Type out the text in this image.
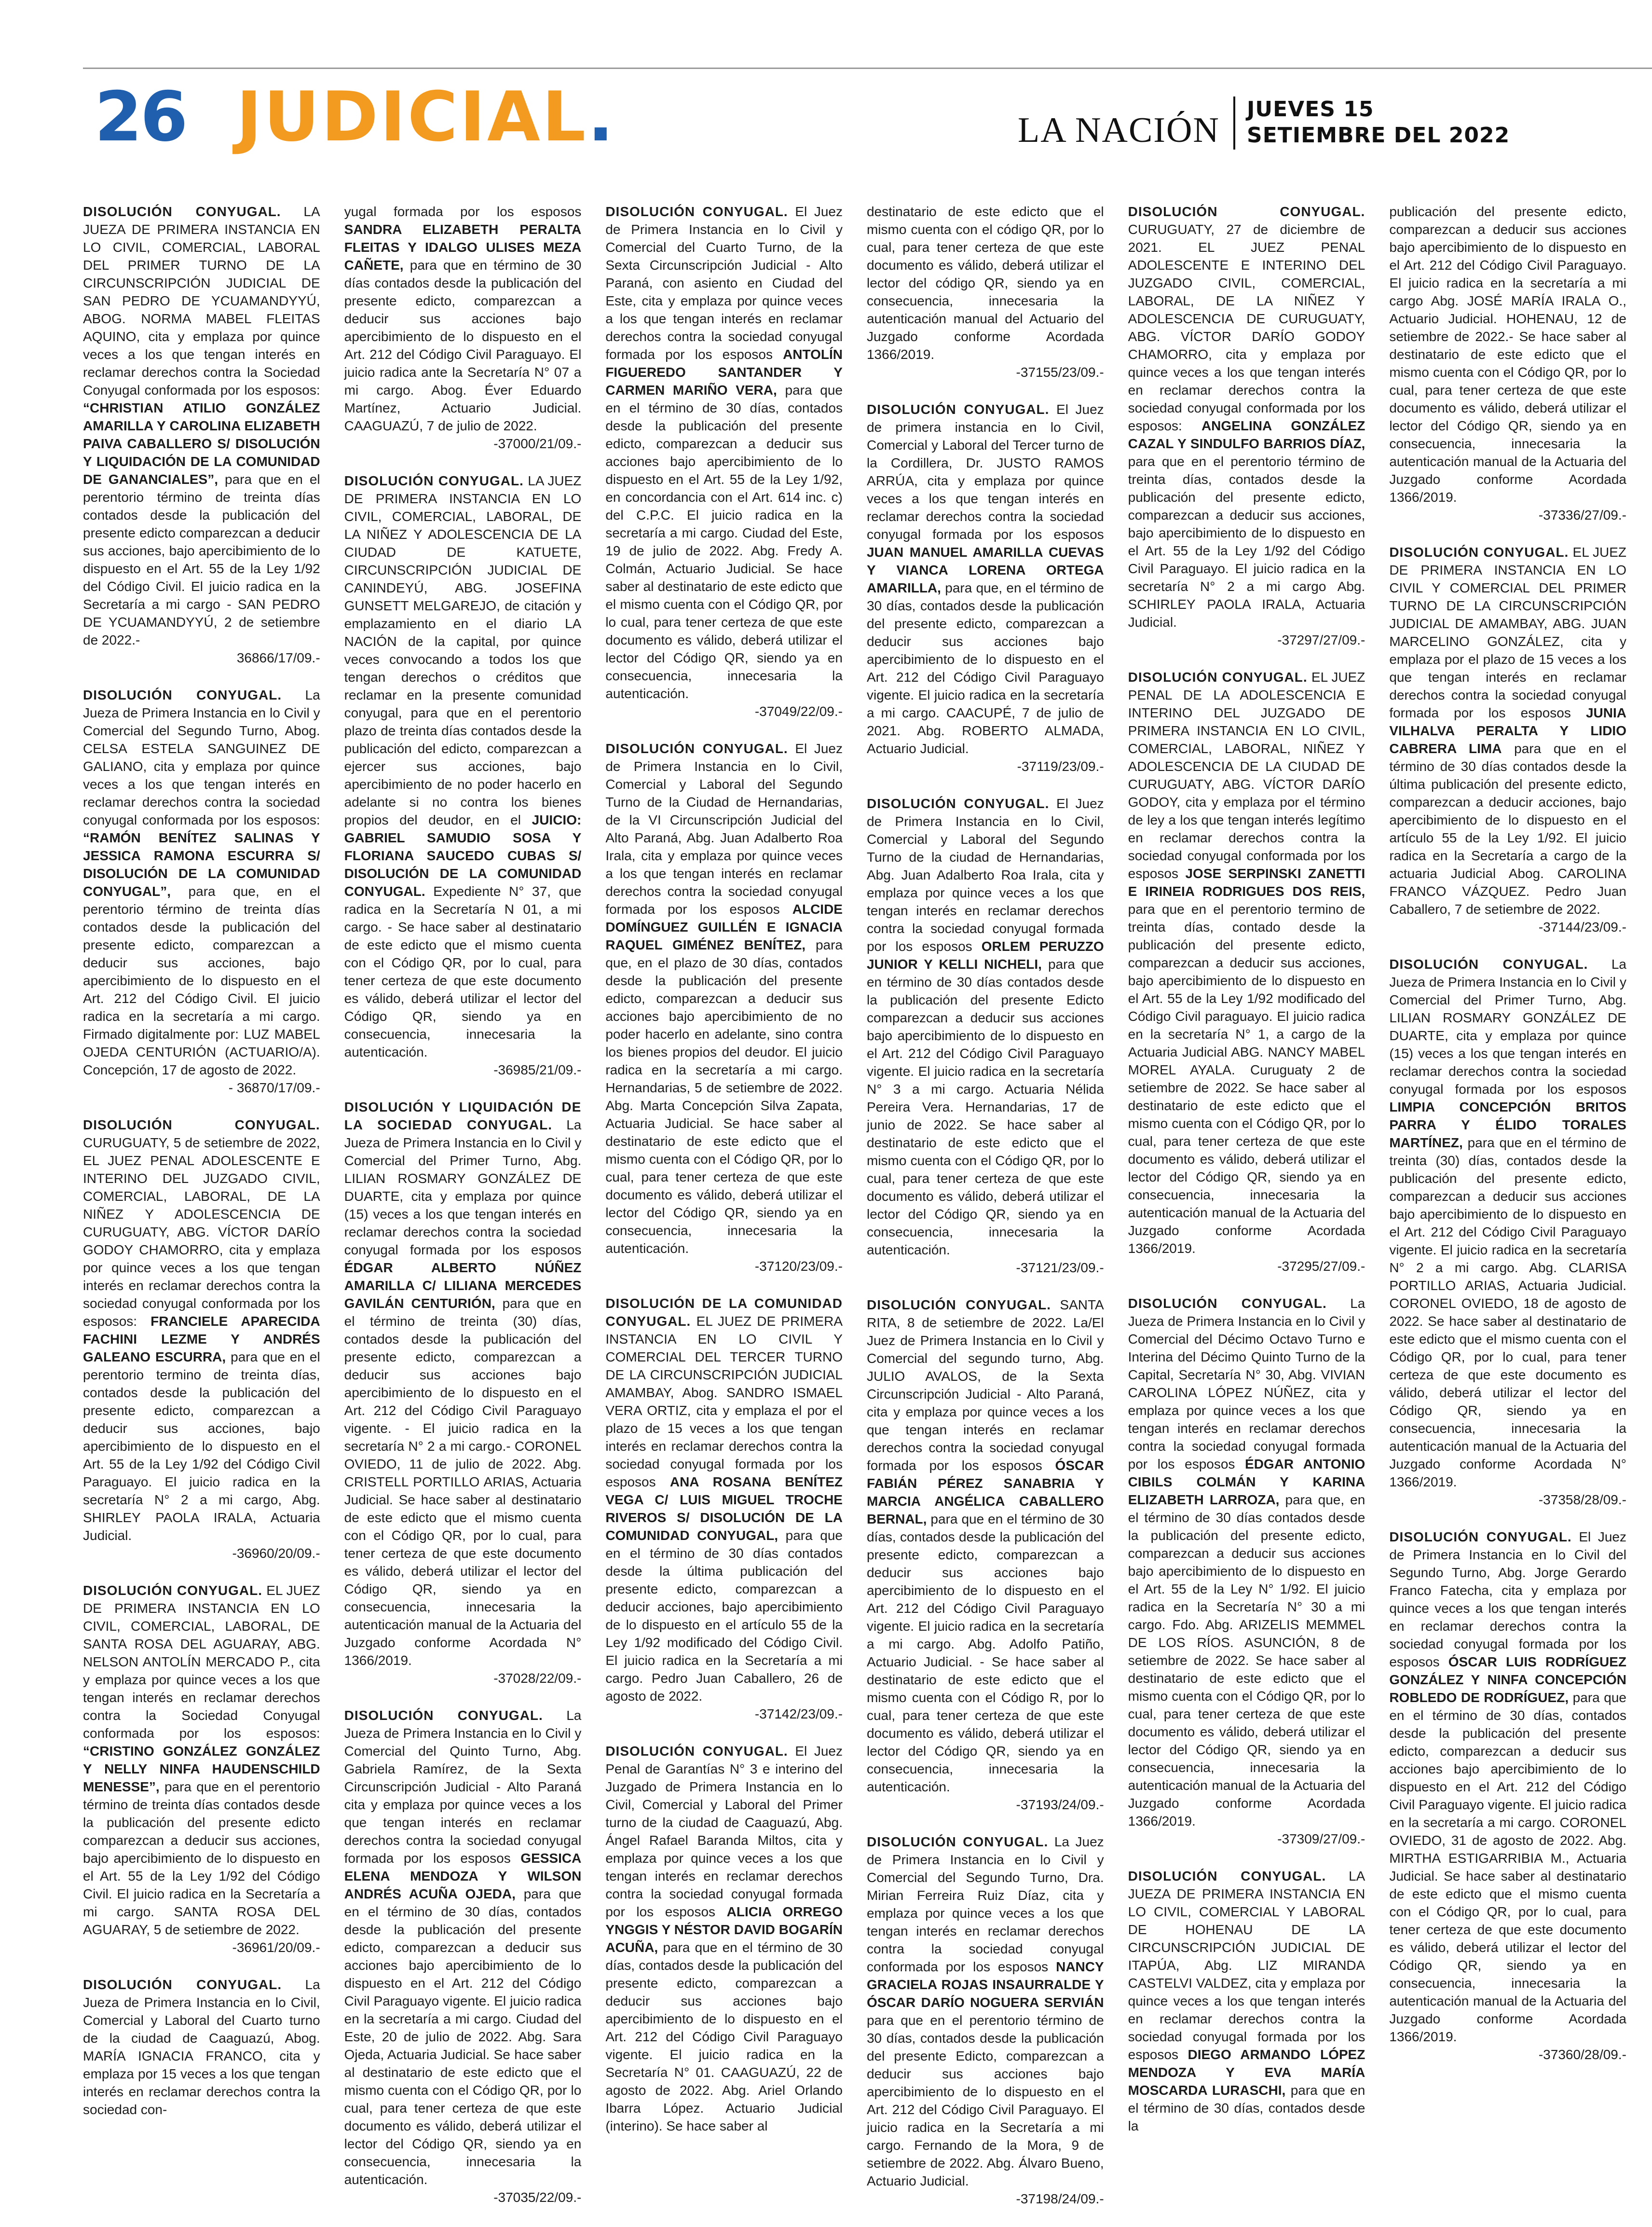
26 JUDICIAL.	LA NACIÓN
JUEVES 15
SETIEMBRE DEL 2022
DISOLUCIÓN CONYUGAL. LA JUEZA DE PRIMERA INSTANCIA EN LO CIVIL, COMERCIAL, LABORAL DEL PRIMER TURNO DE LA CIRCUNSCRIPCIÓN JUDICIAL DE SAN PEDRO DE YCUAMANDYYÚ, ABOG. NORMA MABEL FLEITAS AQUINO, cita y emplaza por quince veces a los que tengan interés en reclamar derechos contra la Sociedad Conyugal conformada por los esposos: “CHRISTIAN ATILIO GONZÁLEZ AMARILLA Y CAROLINA ELIZABETH PAIVA CABALLERO S/ DISOLUCIÓN Y LIQUIDACIÓN DE LA COMUNIDAD DE GANANCIALES”, para que en el perentorio término de treinta días contados desde la publicación del presente edicto comparezcan a deducir sus acciones, bajo apercibimiento de lo dispuesto en el Art. 55 de la Ley 1/92 del Código Civil. El juicio radica en la Secretaría a mi cargo - SAN PEDRO DE YCUAMANDYYÚ, 2 de setiembre de 2022.-
36866/17/09.-
DISOLUCIÓN CONYUGAL. La Jueza de Primera Instancia en lo Civil y Comercial del Segundo Turno, Abog. CELSA ESTELA SANGUINEZ DE GALIANO, cita y emplaza por quince veces a los que tengan interés en reclamar derechos contra la sociedad conyugal conformada por los esposos: “RAMÓN BENÍTEZ SALINAS Y JESSICA RAMONA ESCURRA S/ DISOLUCIÓN DE LA COMUNIDAD CONYUGAL”, para que, en el perentorio término de treinta días contados desde la publicación del presente edicto, comparezcan a deducir sus acciones, bajo apercibimiento de lo dispuesto en el Art. 212 del Código Civil. El juicio radica en la secretaría a mi cargo. Firmado digitalmente por: LUZ MABEL OJEDA CENTURIÓN (ACTUARIO/A). Concepción, 17 de agosto de 2022.
- 36870/17/09.-
DISOLUCIÓN CONYUGAL. CURUGUATY, 5 de setiembre de 2022, EL JUEZ PENAL ADOLESCENTE E INTERINO DEL JUZGADO CIVIL, COMERCIAL, LABORAL, DE LA NIÑEZ Y ADOLESCENCIA DE CURUGUATY, ABG. VÍCTOR DARÍO GODOY CHAMORRO, cita y emplaza por quince veces a los que tengan interés en reclamar derechos contra la sociedad conyugal conformada por los esposos: FRANCIELE APARECIDA FACHINI LEZME Y ANDRÉS GALEANO ESCURRA, para que en el perentorio termino de treinta días, contados desde la publicación del presente edicto, comparezcan a deducir sus acciones, bajo apercibimiento de lo dispuesto en el Art. 55 de la Ley 1/92 del Código Civil Paraguayo. El juicio radica en la secretaría N° 2 a mi cargo, Abg. SHIRLEY PAOLA IRALA, Actuaria Judicial.
-36960/20/09.-
DISOLUCIÓN CONYUGAL. EL JUEZ DE PRIMERA INSTANCIA EN LO CIVIL, COMERCIAL, LABORAL, DE SANTA ROSA DEL AGUARAY, ABG. NELSON ANTOLÍN MERCADO P., cita y emplaza por quince veces a los que tengan interés en reclamar derechos contra la Sociedad Conyugal conformada por los esposos: “CRISTINO GONZÁLEZ GONZÁLEZ Y NELLY NINFA HAUDENSCHILD MENESSE”, para que en el perentorio término de treinta días contados desde la publicación del presente edicto comparezcan a deducir sus acciones, bajo apercibimiento de lo dispuesto en el Art. 55 de la Ley 1/92 del Código Civil. El juicio radica en la Secretaría a mi cargo. SANTA ROSA DEL AGUARAY, 5 de setiembre de 2022.
-36961/20/09.-
DISOLUCIÓN CONYUGAL. La Jueza de Primera Instancia en lo Civil, Comercial y Laboral del Cuarto turno de la ciudad de Caaguazú, Abog. MARÍA IGNACIA FRANCO, cita y emplaza por 15 veces a los que tengan interés en reclamar derechos contra la sociedad con-
yugal formada por los esposos SANDRA ELIZABETH PERALTA FLEITAS Y IDALGO ULISES MEZA CAÑETE, para que en término de 30 días contados desde la publicación del presente edicto, comparezcan a deducir sus acciones bajo apercibimiento de lo dispuesto en el Art. 212 del Código Civil Paraguayo. El juicio radica ante la Secretaría N° 07 a mi cargo. Abog. Éver Eduardo Martínez, Actuario Judicial. CAAGUAZÚ, 7 de julio de 2022.
-37000/21/09.-
DISOLUCIÓN CONYUGAL. LA JUEZ DE PRIMERA INSTANCIA EN LO CIVIL, COMERCIAL, LABORAL, DE LA NIÑEZ Y ADOLESCENCIA DE LA CIUDAD DE KATUETE, CIRCUNSCRIPCIÓN JUDICIAL DE CANINDEYÚ, ABG. JOSEFINA GUNSETT MELGAREJO, de citación y emplazamiento en el diario LA NACIÓN de la capital, por quince veces convocando a todos los que tengan derechos o créditos que reclamar en la presente comunidad conyugal, para que en el perentorio plazo de treinta días contados desde la publicación del edicto, comparezcan a ejercer sus acciones, bajo apercibimiento de no poder hacerlo en adelante si no contra los bienes propios del deudor, en el JUICIO: GABRIEL SAMUDIO SOSA Y FLORIANA SAUCEDO CUBAS S/ DISOLUCIÓN DE LA COMUNIDAD CONYUGAL. Expediente N° 37, que radica en la Secretaría N 01, a mi cargo. - Se hace saber al destinatario de este edicto que el mismo cuenta con el Código QR, por lo cual, para tener certeza de que este documento es válido, deberá utilizar el lector del Código QR, siendo ya en consecuencia, innecesaria la autenticación.
-36985/21/09.-
DISOLUCIÓN Y LIQUIDACIÓN DE LA SOCIEDAD CONYUGAL. La Jueza de Primera Instancia en lo Civil y Comercial del Primer Turno, Abg. LILIAN ROSMARY GONZÁLEZ DE DUARTE, cita y emplaza por quince (15) veces a los que tengan interés en reclamar derechos contra la sociedad conyugal formada por los esposos ÉDGAR ALBERTO NÚÑEZ AMARILLA C/ LILIANA MERCEDES GAVILÁN CENTURIÓN, para que en el término de treinta (30) días, contados desde la publicación del presente edicto, comparezcan a deducir sus acciones bajo apercibimiento de lo dispuesto en el Art. 212 del Código Civil Paraguayo vigente. - El juicio radica en la secretaría N° 2 a mi cargo.- CORONEL OVIEDO, 11 de julio de 2022. Abg. CRISTELL PORTILLO ARIAS, Actuaria Judicial. Se hace saber al destinatario de este edicto que el mismo cuenta con el Código QR, por lo cual, para tener certeza de que este documento es válido, deberá utilizar el lector del Código QR, siendo ya en consecuencia, innecesaria la autenticación manual de la Actuaria del Juzgado conforme Acordada N° 1366/2019.
-37028/22/09.-
DISOLUCIÓN CONYUGAL. La Jueza de Primera Instancia en lo Civil y Comercial del Quinto Turno, Abg. Gabriela Ramírez, de la Sexta Circunscripción Judicial - Alto Paraná cita y emplaza por quince veces a los que tengan interés en reclamar derechos contra la sociedad conyugal formada por los esposos GESSICA ELENA MENDOZA Y WILSON ANDRÉS ACUÑA OJEDA, para que en el término de 30 días, contados desde la publicación del presente edicto, comparezcan a deducir sus acciones bajo apercibimiento de lo dispuesto en el Art. 212 del Código Civil Paraguayo vigente. El juicio radica en la secretaría a mi cargo. Ciudad del Este, 20 de julio de 2022. Abg. Sara Ojeda, Actuaria Judicial. Se hace saber al destinatario de este edicto que el mismo cuenta con el Código QR, por lo cual, para tener certeza de que este documento es válido, deberá utilizar el lector del Código QR, siendo ya en consecuencia, innecesaria la autenticación.
-37035/22/09.-
DISOLUCIÓN CONYUGAL. El Juez de Primera Instancia en lo Civil y Comercial del Cuarto Turno, de la Sexta Circunscripción Judicial - Alto Paraná, con asiento en Ciudad del Este, cita y emplaza por quince veces a los que tengan interés en reclamar derechos contra la sociedad conyugal formada por los esposos ANTOLÍN FIGUEREDO SANTANDER Y CARMEN MARIÑO VERA, para que en el término de 30 días, contados desde la publicación del presente edicto, comparezcan a deducir sus acciones bajo apercibimiento de lo dispuesto en el Art. 55 de la Ley 1/92, en concordancia con el Art. 614 inc. c) del C.P.C. El juicio radica en la secretaría a mi cargo. Ciudad del Este, 19 de julio de 2022. Abg. Fredy A. Colmán, Actuario Judicial. Se hace saber al destinatario de este edicto que el mismo cuenta con el Código QR, por lo cual, para tener certeza de que este documento es válido, deberá utilizar el lector del Código QR, siendo ya en consecuencia, innecesaria la autenticación.
-37049/22/09.-
DISOLUCIÓN CONYUGAL. El Juez de Primera Instancia en lo Civil, Comercial y Laboral del Segundo Turno de la Ciudad de Hernandarias, de la VI Circunscripción Judicial del Alto Paraná, Abg. Juan Adalberto Roa Irala, cita y emplaza por quince veces a los que tengan interés en reclamar derechos contra la sociedad conyugal formada por los esposos ALCIDE DOMÍNGUEZ GUILLÉN E IGNACIA RAQUEL GIMÉNEZ BENÍTEZ, para que, en el plazo de 30 días, contados desde la publicación del presente edicto, comparezcan a deducir sus acciones bajo apercibimiento de no poder hacerlo en adelante, sino contra los bienes propios del deudor. El juicio radica en la secretaría a mi cargo. Hernandarias, 5 de setiembre de 2022. Abg. Marta Concepción Silva Zapata, Actuaria Judicial. Se hace saber al destinatario de este edicto que el mismo cuenta con el Código QR, por lo cual, para tener certeza de que este documento es válido, deberá utilizar el lector del Código QR, siendo ya en consecuencia, innecesaria la autenticación.
-37120/23/09.-
DISOLUCIÓN DE LA COMUNIDAD CONYUGAL. EL JUEZ DE PRIMERA INSTANCIA EN LO CIVIL Y COMERCIAL DEL TERCER TURNO DE LA CIRCUNSCRIPCIÓN JUDICIAL AMAMBAY, Abog. SANDRO ISMAEL VERA ORTIZ, cita y emplaza el por el plazo de 15 veces a los que tengan interés en reclamar derechos contra la sociedad conyugal formada por los esposos ANA ROSANA BENÍTEZ VEGA C/ LUIS MIGUEL TROCHE RIVEROS S/ DISOLUCIÓN DE LA COMUNIDAD CONYUGAL, para que en el término de 30 días contados desde la última publicación del presente edicto, comparezcan a deducir acciones, bajo apercibimiento de lo dispuesto en el artículo 55 de la Ley 1/92 modificado del Código Civil. El juicio radica en la Secretaría a mi cargo. Pedro Juan Caballero, 26 de agosto de 2022.
-37142/23/09.-
DISOLUCIÓN CONYUGAL. El Juez Penal de Garantías N° 3 e interino del Juzgado de Primera Instancia en lo Civil, Comercial y Laboral del Primer turno de la ciudad de Caaguazú, Abg. Ángel Rafael Baranda Miltos, cita y emplaza por quince veces a los que tengan interés en reclamar derechos contra la sociedad conyugal formada por los esposos ALICIA ORREGO YNGGIS Y NÉSTOR DAVID BOGARÍN ACUÑA, para que en el término de 30 días, contados desde la publicación del presente edicto, comparezcan a deducir sus acciones bajo apercibimiento de lo dispuesto en el Art. 212 del Código Civil Paraguayo vigente. El juicio radica en la Secretaría N° 01. CAAGUAZÚ, 22 de agosto de 2022. Abg. Ariel Orlando Ibarra López. Actuario Judicial (interino). Se hace saber al
destinatario de este edicto que el mismo cuenta con el código QR, por lo cual, para tener certeza de que este documento es válido, deberá utilizar el lector del código QR, siendo ya en consecuencia, innecesaria la autenticación manual del Actuario del Juzgado conforme Acordada 1366/2019.
-37155/23/09.-
DISOLUCIÓN CONYUGAL. El Juez de primera instancia en lo Civil, Comercial y Laboral del Tercer turno de la Cordillera, Dr. JUSTO RAMOS ARRÚA, cita y emplaza por quince veces a los que tengan interés en reclamar derechos contra la sociedad conyugal formada por los esposos JUAN MANUEL AMARILLA CUEVAS Y VIANCA LORENA ORTEGA AMARILLA, para que, en el término de 30 días, contados desde la publicación del presente edicto, comparezcan a deducir sus acciones bajo apercibimiento de lo dispuesto en el Art. 212 del Código Civil Paraguayo vigente. El juicio radica en la secretaría a mi cargo. CAACUPÉ, 7 de julio de 2021. Abg. ROBERTO ALMADA, Actuario Judicial.
-37119/23/09.-
DISOLUCIÓN CONYUGAL. El Juez de Primera Instancia en lo Civil, Comercial y Laboral del Segundo Turno de la ciudad de Hernandarias, Abg. Juan Adalberto Roa Irala, cita y emplaza por quince veces a los que tengan interés en reclamar derechos contra la sociedad conyugal formada por los esposos ORLEM PERUZZO JUNIOR Y KELLI NICHELI, para que en término de 30 días contados desde la publicación del presente Edicto comparezcan a deducir sus acciones bajo apercibimiento de lo dispuesto en el Art. 212 del Código Civil Paraguayo vigente. El juicio radica en la secretaría N° 3 a mi cargo. Actuaria Nélida Pereira Vera. Hernandarias, 17 de junio de 2022. Se hace saber al destinatario de este edicto que el mismo cuenta con el Código QR, por lo cual, para tener certeza de que este documento es válido, deberá utilizar el lector del Código QR, siendo ya en consecuencia, innecesaria la autenticación.
-37121/23/09.-
DISOLUCIÓN CONYUGAL. SANTA RITA, 8 de setiembre de 2022. La/El Juez de Primera Instancia en lo Civil y Comercial del segundo turno, Abg. JULIO AVALOS, de la Sexta Circunscripción Judicial - Alto Paraná, cita y emplaza por quince veces a los que tengan interés en reclamar derechos contra la sociedad conyugal formada por los esposos ÓSCAR FABIÁN PÉREZ SANABRIA Y MARCIA ANGÉLICA CABALLERO BERNAL, para que en el término de 30 días, contados desde la publicación del presente edicto, comparezcan a deducir sus acciones bajo apercibimiento de lo dispuesto en el Art. 212 del Código Civil Paraguayo vigente. El juicio radica en la secretaría a mi cargo. Abg. Adolfo Patiño, Actuario Judicial. - Se hace saber al destinatario de este edicto que el mismo cuenta con el Código R, por lo cual, para tener certeza de que este documento es válido, deberá utilizar el lector del Código QR, siendo ya en consecuencia, innecesaria la autenticación.
-37193/24/09.-
DISOLUCIÓN CONYUGAL. La Juez de Primera Instancia en lo Civil y Comercial del Segundo Turno, Dra. Mirian Ferreira Ruiz Díaz, cita y emplaza por quince veces a los que tengan interés en reclamar derechos contra la sociedad conyugal conformada por los esposos NANCY GRACIELA ROJAS INSAURRALDE Y ÓSCAR DARÍO NOGUERA SERVIÁN para que en el perentorio término de 30 días, contados desde la publicación del presente Edicto, comparezcan a deducir sus acciones bajo apercibimiento de lo dispuesto en el Art. 212 del Código Civil Paraguayo. El juicio radica en la Secretaría a mi cargo. Fernando de la Mora, 9 de setiembre de 2022. Abg. Álvaro Bueno, Actuario Judicial.
-37198/24/09.-
DISOLUCIÓN CONYUGAL. CURUGUATY, 27 de diciembre de 2021. EL JUEZ PENAL ADOLESCENTE E INTERINO DEL JUZGADO CIVIL, COMERCIAL, LABORAL, DE LA NIÑEZ Y ADOLESCENCIA DE CURUGUATY, ABG. VÍCTOR DARÍO GODOY CHAMORRO, cita y emplaza por quince veces a los que tengan interés en reclamar derechos contra la sociedad conyugal conformada por los esposos: ANGELINA GONZÁLEZ CAZAL Y SINDULFO BARRIOS DÍAZ, para que en el perentorio término de treinta días, contados desde la publicación del presente edicto, comparezcan a deducir sus acciones, bajo apercibimiento de lo dispuesto en el Art. 55 de la Ley 1/92 del Código Civil Paraguayo. El juicio radica en la secretaría N° 2 a mi cargo Abg. SCHIRLEY PAOLA IRALA, Actuaria Judicial.
-37297/27/09.-
DISOLUCIÓN CONYUGAL. EL JUEZ PENAL DE LA ADOLESCENCIA E INTERINO DEL JUZGADO DE PRIMERA INSTANCIA EN LO CIVIL, COMERCIAL, LABORAL, NIÑEZ Y ADOLESCENCIA DE LA CIUDAD DE CURUGUATY, ABG. VÍCTOR DARÍO GODOY, cita y emplaza por el término de ley a los que tengan interés legítimo en reclamar derechos contra la sociedad conyugal conformada por los esposos JOSE SERPINSKI ZANETTI E IRINEIA RODRIGUES DOS REIS, para que en el perentorio termino de treinta días, contado desde la publicación del presente edicto, comparezcan a deducir sus acciones, bajo apercibimiento de lo dispuesto en el Art. 55 de la Ley 1/92 modificado del Código Civil paraguayo. El juicio radica en la secretaría N° 1, a cargo de la Actuaria Judicial ABG. NANCY MABEL MOREL AYALA. Curuguaty 2 de setiembre de 2022. Se hace saber al destinatario de este edicto que el mismo cuenta con el Código QR, por lo cual, para tener certeza de que este documento es válido, deberá utilizar el lector del Código QR, siendo ya en consecuencia, innecesaria la autenticación manual de la Actuaria del Juzgado conforme Acordada 1366/2019.
-37295/27/09.-
DISOLUCIÓN CONYUGAL. La Jueza de Primera Instancia en lo Civil y Comercial del Décimo Octavo Turno e Interina del Décimo Quinto Turno de la Capital, Secretaría N° 30, Abg. VIVIAN CAROLINA LÓPEZ NÚÑEZ, cita y emplaza por quince veces a los que tengan interés en reclamar derechos contra la sociedad conyugal formada por los esposos ÉDGAR ANTONIO CIBILS COLMÁN Y KARINA ELIZABETH LARROZA, para que, en el término de 30 días contados desde la publicación del presente edicto, comparezcan a deducir sus acciones bajo apercibimiento de lo dispuesto en el Art. 55 de la Ley N° 1/92. El juicio radica en la Secretaría N° 30 a mi cargo. Fdo. Abg. ARIZELIS MEMMEL DE LOS RÍOS. ASUNCIÓN, 8 de setiembre de 2022. Se hace saber al destinatario de este edicto que el mismo cuenta con el Código QR, por lo cual, para tener certeza de que este documento es válido, deberá utilizar el lector del Código QR, siendo ya en consecuencia, innecesaria la autenticación manual de la Actuaria del Juzgado conforme Acordada 1366/2019.
-37309/27/09.-
DISOLUCIÓN CONYUGAL. LA JUEZA DE PRIMERA INSTANCIA EN LO CIVIL, COMERCIAL Y LABORAL DE HOHENAU DE LA CIRCUNSCRIPCIÓN JUDICIAL DE ITAPÚA, Abg. LIZ MIRANDA CASTELVI VALDEZ, cita y emplaza por quince veces a los que tengan interés en reclamar derechos contra la sociedad conyugal formada por los esposos DIEGO ARMANDO LÓPEZ MENDOZA Y EVA MARÍA MOSCARDA LURASCHI, para que en el término de 30 días, contados desde la
publicación del presente edicto, comparezcan a deducir sus acciones bajo apercibimiento de lo dispuesto en el Art. 212 del Código Civil Paraguayo. El juicio radica en la secretaría a mi cargo Abg. JOSÉ MARÍA IRALA O., Actuario Judicial. HOHENAU, 12 de setiembre de 2022.- Se hace saber al destinatario de este edicto que el mismo cuenta con el Código QR, por lo cual, para tener certeza de que este documento es válido, deberá utilizar el lector del Código QR, siendo ya en consecuencia, innecesaria la autenticación manual de la Actuaria del Juzgado conforme Acordada 1366/2019.
-37336/27/09.-
DISOLUCIÓN CONYUGAL. EL JUEZ DE PRIMERA INSTANCIA EN LO CIVIL Y COMERCIAL DEL PRIMER TURNO DE LA CIRCUNSCRIPCIÓN JUDICIAL DE AMAMBAY, ABG. JUAN MARCELINO GONZÁLEZ, cita y emplaza por el plazo de 15 veces a los que tengan interés en reclamar derechos contra la sociedad conyugal formada por los esposos JUNIA VILHALVA PERALTA Y LIDIO CABRERA LIMA para que en el término de 30 días contados desde la última publicación del presente edicto, comparezcan a deducir acciones, bajo apercibimiento de lo dispuesto en el artículo 55 de la Ley 1/92. El juicio radica en la Secretaría a cargo de la actuaria Judicial Abog. CAROLINA FRANCO VÁZQUEZ. Pedro Juan Caballero, 7 de setiembre de 2022.
-37144/23/09.-
DISOLUCIÓN CONYUGAL. La Jueza de Primera Instancia en lo Civil y Comercial del Primer Turno, Abg. LILIAN ROSMARY GONZÁLEZ DE DUARTE, cita y emplaza por quince (15) veces a los que tengan interés en reclamar derechos contra la sociedad conyugal formada por los esposos LIMPIA CONCEPCIÓN BRITOS PARRA Y ÉLIDO TORALES MARTÍNEZ, para que en el término de treinta (30) días, contados desde la publicación del presente edicto, comparezcan a deducir sus acciones bajo apercibimiento de lo dispuesto en el Art. 212 del Código Civil Paraguayo vigente. El juicio radica en la secretaría N° 2 a mi cargo. Abg. CLARISA PORTILLO ARIAS, Actuaria Judicial. CORONEL OVIEDO, 18 de agosto de 2022. Se hace saber al destinatario de este edicto que el mismo cuenta con el Código QR, por lo cual, para tener certeza de que este documento es válido, deberá utilizar el lector del Código QR, siendo ya en consecuencia, innecesaria la autenticación manual de la Actuaria del Juzgado conforme Acordada N° 1366/2019.
-37358/28/09.-
DISOLUCIÓN CONYUGAL. El Juez de Primera Instancia en lo Civil del Segundo Turno, Abg. Jorge Gerardo Franco Fatecha, cita y emplaza por quince veces a los que tengan interés en reclamar derechos contra la sociedad conyugal formada por los esposos ÓSCAR LUIS RODRÍGUEZ GONZÁLEZ Y NINFA CONCEPCIÓN ROBLEDO DE RODRÍGUEZ, para que en el término de 30 días, contados desde la publicación del presente edicto, comparezcan a deducir sus acciones bajo apercibimiento de lo dispuesto en el Art. 212 del Código Civil Paraguayo vigente. El juicio radica en la secretaría a mi cargo. CORONEL OVIEDO, 31 de agosto de 2022. Abg. MIRTHA ESTIGARRIBIA M., Actuaria Judicial. Se hace saber al destinatario de este edicto que el mismo cuenta con el Código QR, por lo cual, para tener certeza de que este documento es válido, deberá utilizar el lector del Código QR, siendo ya en consecuencia, innecesaria la autenticación manual de la Actuaria del Juzgado conforme Acordada 1366/2019.
-37360/28/09.-
